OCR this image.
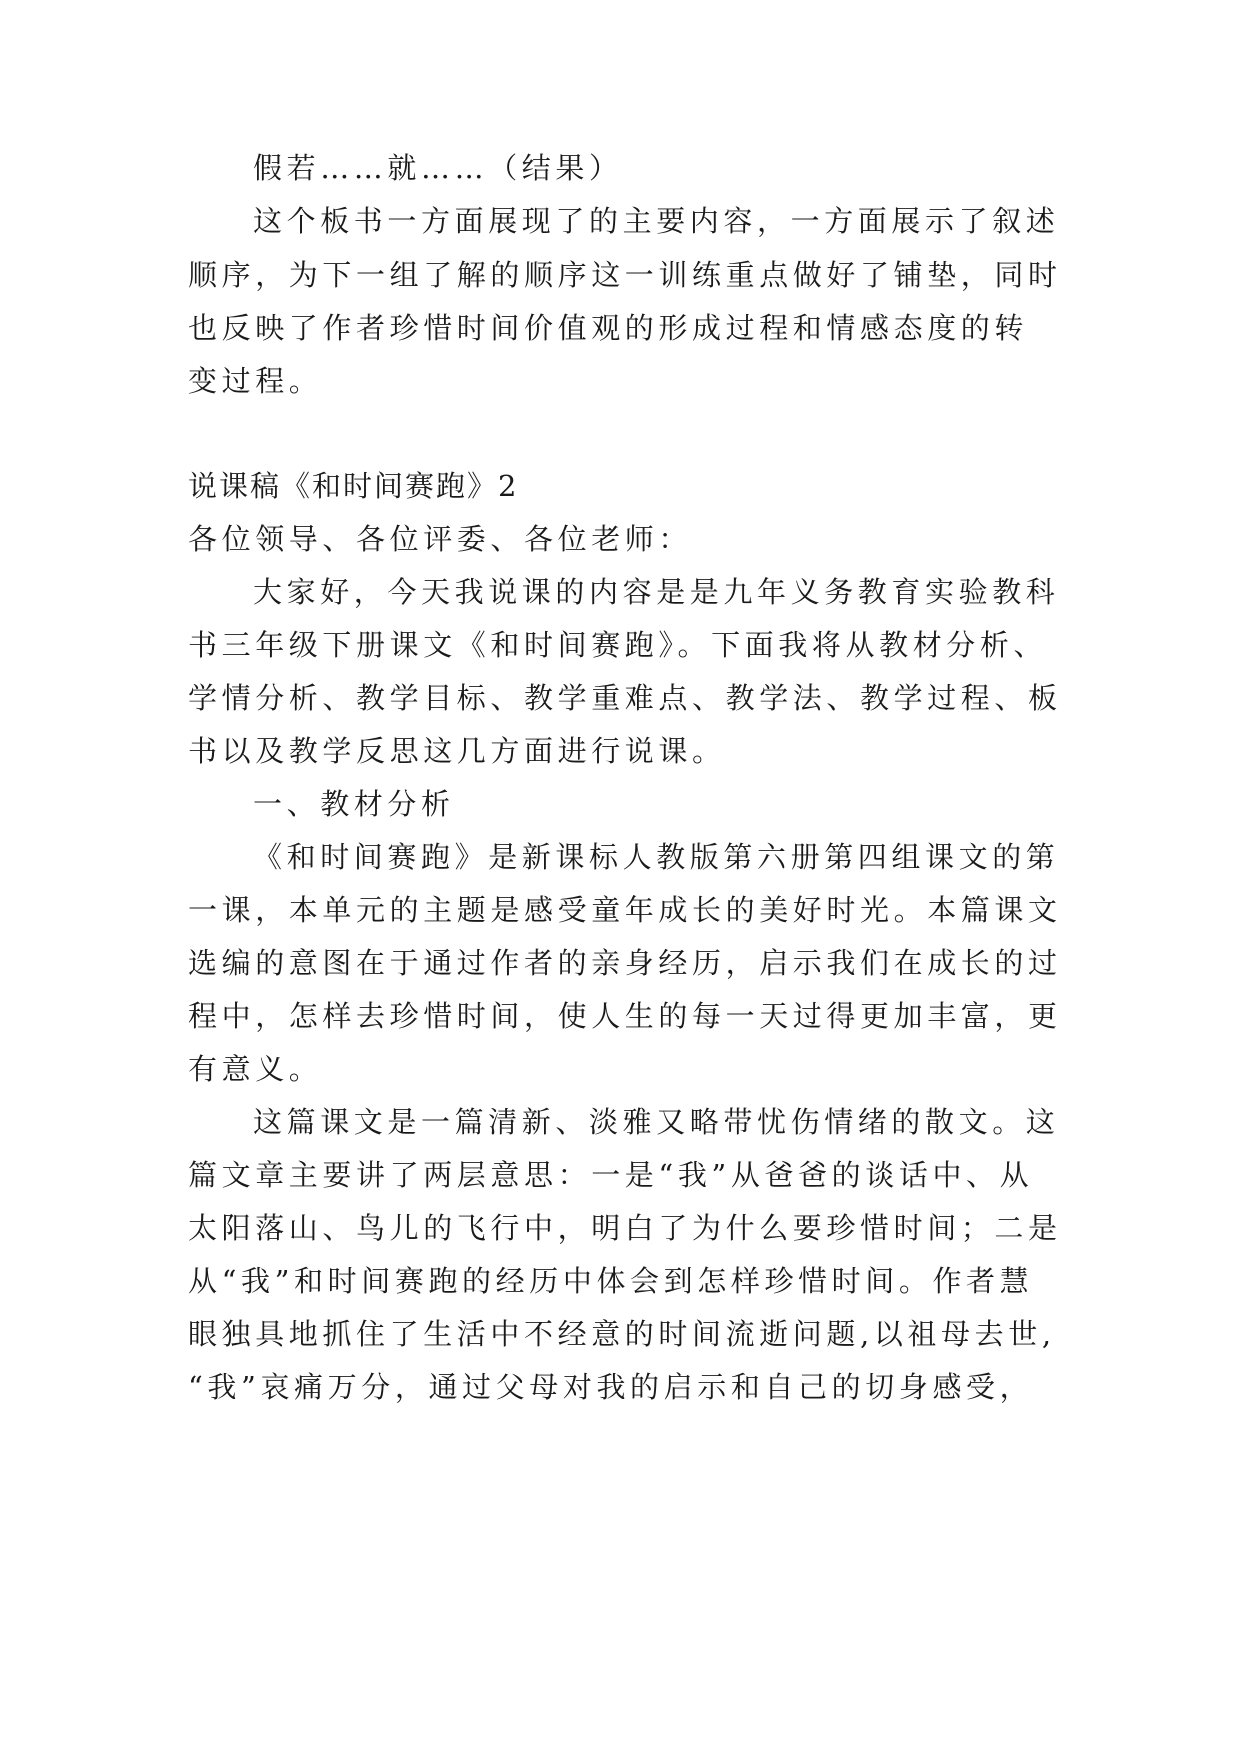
假若……就……（结果）
这个板书一方面展现了的主要内容，一方面展示了叙述
顺序，为下一组了解的顺序这一训练重点做好了铺垫，同时
也反映了作者珍惜时间价值观的形成过程和情感态度的转
变过程。
说课稿《和时间赛跑》2
各位领导、各位评委、各位老师：
大家好，今天我说课的内容是是九年义务教育实验教科
书三年级下册课文《和时间赛跑》。下面我将从教材分析、
学情分析、教学目标、教学重难点、教学法、教学过程、板
书以及教学反思这几方面进行说课。
一、教材分析
《和时间赛跑》是新课标人教版第六册第四组课文的第
一课，本单元的主题是感受童年成长的美好时光。本篇课文
选编的意图在于通过作者的亲身经历，启示我们在成长的过
程中，怎样去珍惜时间，使人生的每一天过得更加丰富，更
有意义。
这篇课文是一篇清新、淡雅又略带忧伤情绪的散文。这
篇文章主要讲了两层意思：一是“我”从爸爸的谈话中、从
太阳落山、鸟儿的飞行中，明白了为什么要珍惜时间；二是
从“我”和时间赛跑的经历中体会到怎样珍惜时间。作者慧
眼独具地抓住了生活中不经意的时间流逝问题,以祖母去世,
“我”哀痛万分，通过父母对我的启示和自己的切身感受，
